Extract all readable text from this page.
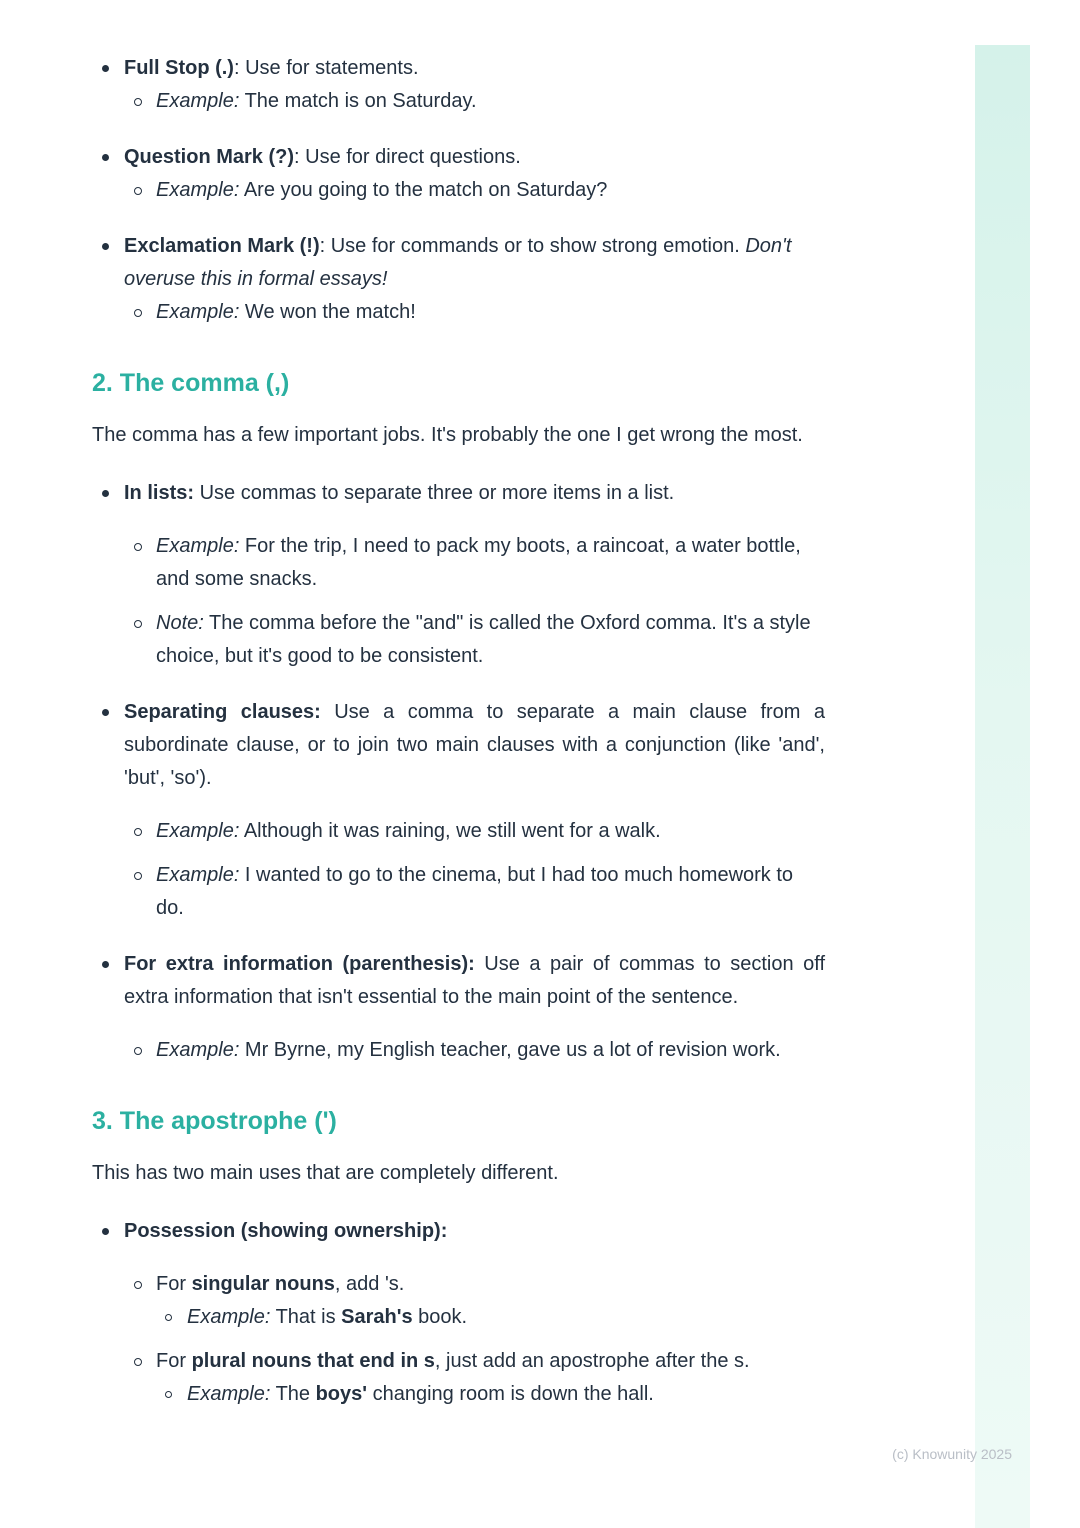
Full Stop (.): Use for statements.
Example: The match is on Saturday.
Question Mark (?): Use for direct questions.
Example: Are you going to the match on Saturday?
Exclamation Mark (!): Use for commands or to show strong emotion. Don't overuse this in formal essays!
Example: We won the match!
2. The comma (,)

The comma has a few important jobs. It's probably the one I get wrong the most.

In lists: Use commas to separate three or more items in a list.
Example: For the trip, I need to pack my boots, a raincoat, a water bottle, and some snacks.
Note: The comma before the "and" is called the Oxford comma. It's a style choice, but it's good to be consistent.
Separating clauses: Use a comma to separate a main clause from a subordinate clause, or to join two main clauses with a conjunction (like 'and', 'but', 'so').
Example: Although it was raining, we still went for a walk.
Example: I wanted to go to the cinema, but I had too much homework to do.
For extra information (parenthesis): Use a pair of commas to section off extra information that isn't essential to the main point of the sentence.
Example: Mr Byrne, my English teacher, gave us a lot of revision work.
3. The apostrophe (')

This has two main uses that are completely different.

Possession (showing ownership):
For singular nouns, add 's.
Example: That is Sarah's book.
For plural nouns that end in s, just add an apostrophe after the s.
Example: The boys' changing room is down the hall.
(c) Knowunity 2025
